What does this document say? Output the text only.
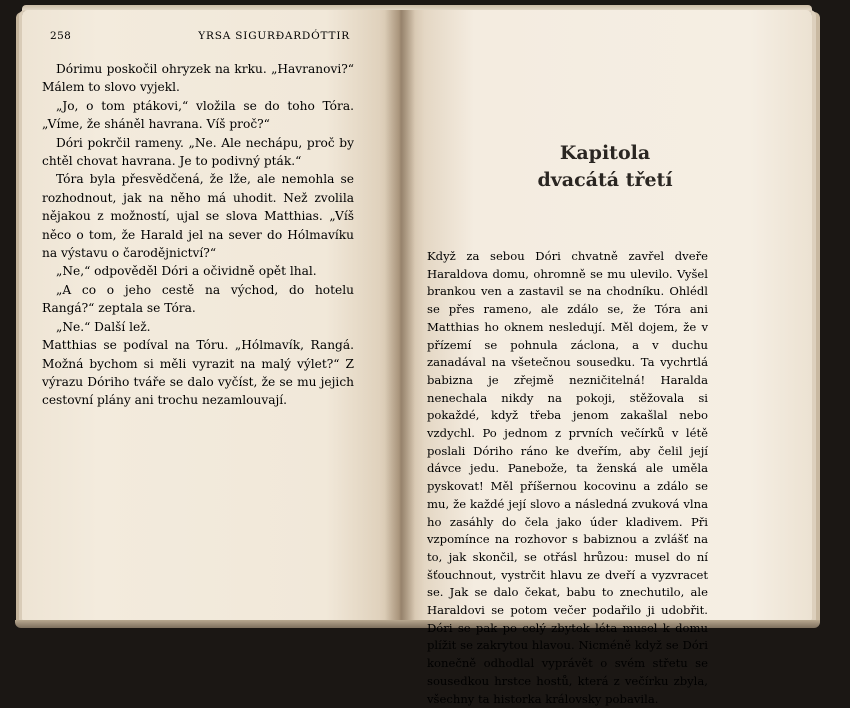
258	YRSA SIGURÐARDÓTTIR

Dórimu poskočil ohryzek na krku. „Havranovi?“ Málem to slovo vyjekl.

„Jo, o tom ptákovi,“ vložila se do toho Tóra. „Víme, že sháněl havrana. Víš proč?“

Dóri pokrčil rameny. „Ne. Ale nechápu, proč by chtěl chovat havrana. Je to podivný pták.“

Tóra byla přesvědčená, že lže, ale nemohla se rozhodnout, jak na něho má uhodit. Než zvolila nějakou z možností, ujal se slova Matthias. „Víš něco o tom, že Harald jel na sever do Hólmavíku na výstavu o čarodějnictví?“

„Ne,“ odpověděl Dóri a očividně opět lhal.

„A co o jeho cestě na východ, do hotelu Rangá?“ zeptala se Tóra.

„Ne.“ Další lež.

Matthias se podíval na Tóru. „Hólmavík, Rangá. Možná bychom si měli vyrazit na malý výlet?“ Z výrazu Dóriho tváře se dalo vyčíst, že se mu jejich cestovní plány ani trochu nezamlouvají.

Kapitola
dvacátá třetí

Když za sebou Dóri chvatně zavřel dveře Haraldova domu, ohromně se mu ulevilo. Vyšel brankou ven a zastavil se na chodníku. Ohlédl se přes rameno, ale zdálo se, že Tóra ani Matthias ho oknem nesledují. Měl dojem, že v přízemí se pohnula záclona, a v duchu zanadával na všetečnou sousedku. Ta vychrtlá babizna je zřejmě nezničitelná! Haralda nenechala nikdy na pokoji, stěžovala si pokaždé, když třeba jenom zakašlal nebo vzdychl. Po jednom z prvních večírků v létě poslali Dóriho ráno ke dveřím, aby čelil její dávce jedu. Panebože, ta ženská ale uměla pyskovat! Měl příšernou kocovinu a zdálo se mu, že každé její slovo a následná zvuková vlna ho zasáhly do čela jako úder kladivem. Při vzpomínce na rozhovor s babiznou a zvlášť na to, jak skončil, se otřásl hrůzou: musel do ní šťouchnout, vystrčit hlavu ze dveří a vyzvracet se. Jak se dalo čekat, babu to znechutilo, ale Haraldovi se potom večer podařilo ji udobřit. Dóri se pak po celý zbytek léta musel k domu plížit se zakrytou hlavou. Nicméně když se Dóri konečně odhodlal vyprávět o svém střetu se sousedkou hrstce hostů, která z večírku zbyla, všechny ta historka královsky pobavila.
